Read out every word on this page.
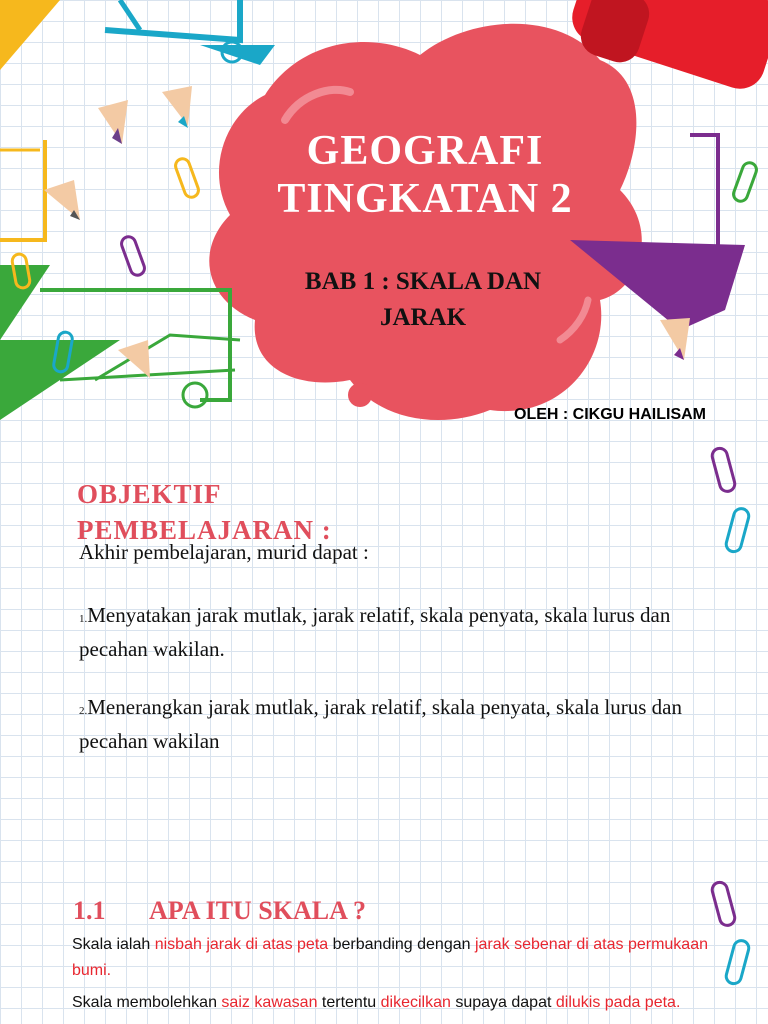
GEOGRAFI
TINGKATAN 2
BAB 1 : SKALA DAN JARAK
OLEH : CIKGU HAILISAM
OBJEKTIF PEMBELAJARAN :
Akhir pembelajaran, murid dapat :
1.Menyatakan jarak mutlak, jarak relatif, skala penyata, skala lurus dan pecahan wakilan.
2.Menerangkan jarak mutlak, jarak relatif, skala penyata, skala lurus dan pecahan wakilan
1.1 APA ITU SKALA ?
Skala ialah nisbah jarak di atas peta berbanding dengan jarak sebenar di atas permukaan bumi.
Skala membolehkan saiz kawasan tertentu dikecilkan supaya dapat dilukis pada peta.
